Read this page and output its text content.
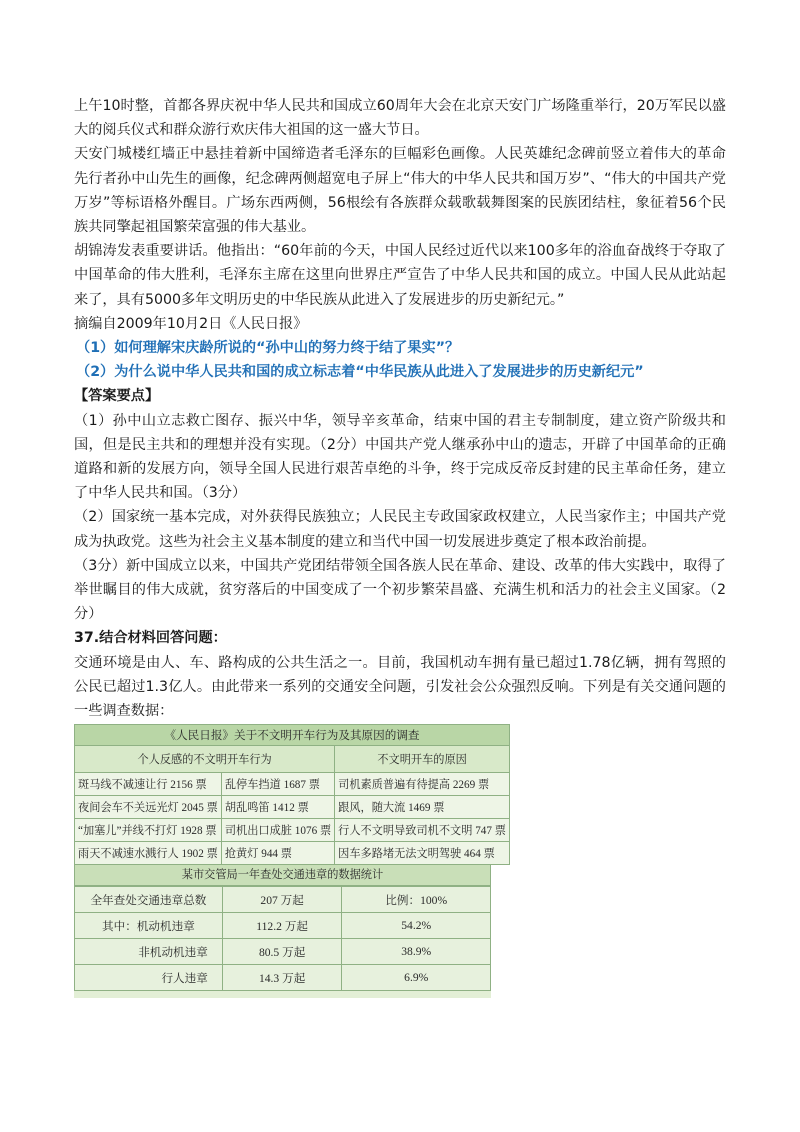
上午10时整，首都各界庆祝中华人民共和国成立60周年大会在北京天安门广场隆重举行，20万军民以盛大的阅兵仪式和群众游行欢庆伟大祖国的这一盛大节日。

天安门城楼红墙正中悬挂着新中国缔造者毛泽东的巨幅彩色画像。人民英雄纪念碑前竖立着伟大的革命先行者孙中山先生的画像，纪念碑两侧超宽电子屏上“伟大的中华人民共和国万岁”、“伟大的中国共产党万岁”等标语格外醒目。广场东西两侧，56根绘有各族群众载歌载舞图案的民族团结柱，象征着56个民族共同擎起祖国繁荣富强的伟大基业。

胡锦涛发表重要讲话。他指出：“60年前的今天，中国人民经过近代以来100多年的浴血奋战终于夺取了中国革命的伟大胜利，毛泽东主席在这里向世界庄严宣告了中华人民共和国的成立。中国人民从此站起来了，具有5000多年文明历史的中华民族从此进入了发展进步的历史新纪元。”

摘编自2009年10月2日《人民日报》

（1）如何理解宋庆龄所说的“孙中山的努力终于结了果实”？

（2）为什么说中华人民共和国的成立标志着“中华民族从此进入了发展进步的历史新纪元”

【答案要点】

（1）孙中山立志救亡图存、振兴中华，领导辛亥革命，结束中国的君主专制制度，建立资产阶级共和国，但是民主共和的理想并没有实现。（2分）中国共产党人继承孙中山的遗志，开辟了中国革命的正确道路和新的发展方向，领导全国人民进行艰苦卓绝的斗争，终于完成反帝反封建的民主革命任务，建立了中华人民共和国。（3分）

（2）国家统一基本完成，对外获得民族独立；人民民主专政国家政权建立，人民当家作主；中国共产党成为执政党。这些为社会主义基本制度的建立和当代中国一切发展进步奠定了根本政治前提。

（3分）新中国成立以来，中国共产党团结带领全国各族人民在革命、建设、改革的伟大实践中，取得了举世瞩目的伟大成就，贫穷落后的中国变成了一个初步繁荣昌盛、充满生机和活力的社会主义国家。（2分）

37.结合材料回答问题：

交通环境是由人、车、路构成的公共生活之一。目前，我国机动车拥有量已超过1.78亿辆，拥有驾照的公民已超过1.3亿人。由此带来一系列的交通安全问题，引发社会公众强烈反响。下列是有关交通问题的一些调查数据：

《人民日报》关于不文明开车行为及其原因的调查		
个人反感的不文明开车行为		不文明开车的原因
斑马线不减速让行 2156 票	乱停车挡道 1687 票	司机素质普遍有待提高 2269 票
夜间会车不关远光灯 2045 票	胡乱鸣笛 1412 票	跟风，随大流 1469 票
“加塞儿”并线不打灯 1928 票	司机出口成脏 1076 票	行人不文明导致司机不文明 747 票
雨天不减速水溅行人 1902 票	抢黄灯 944 票	因车多路堵无法文明驾驶 464 票
某市交管局一年查处交通违章的数据统计
全年查处交通违章总数	207 万起	比例：100%
其中：机动机违章	112.2 万起	54.2%
非机动机违章	80.5 万起	38.9%
行人违章	14.3 万起	6.9%
